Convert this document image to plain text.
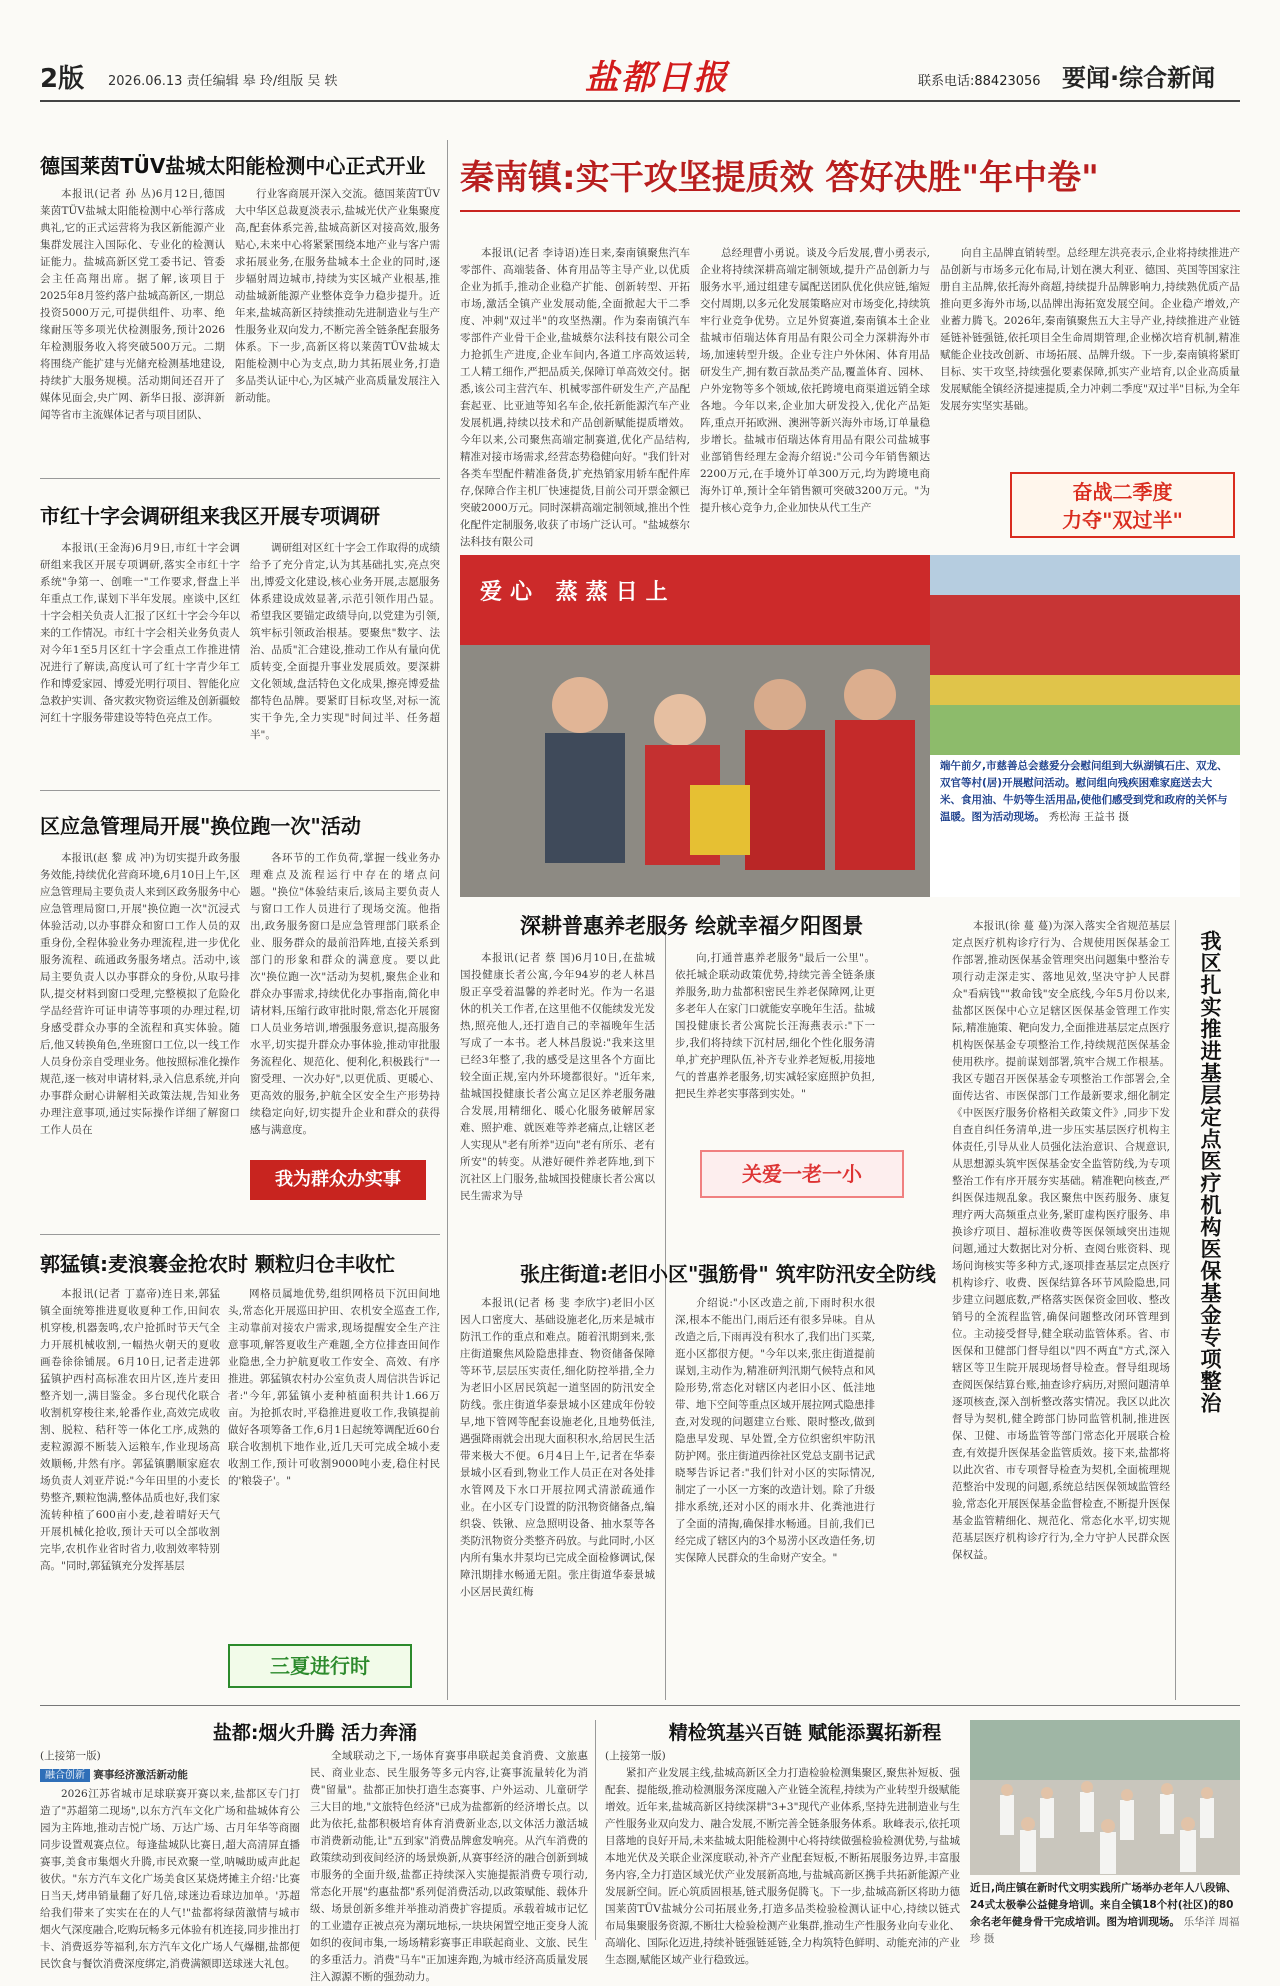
2版 2026.06.13 责任编辑 皋 玲/组版 吴 轶	盐都日报	联系电话:88423056 要闻·综合新闻
德国莱茵TÜV盐城太阳能检测中心正式开业

本报讯(记者 孙 丛)6月12日,德国莱茵TÜV盐城太阳能检测中心举行落成典礼,它的正式运营将为我区新能源产业集群发展注入国际化、专业化的检测认证能力。盐城高新区党工委书记、管委会主任高翔出席。据了解,该项目于2025年8月签约落户盐城高新区,一期总投资5000万元,可提供组件、功率、绝缘耐压等多项光伏检测服务,预计2026年检测服务收入将突破500万元。二期将围绕产能扩建与光储充检测基地建设,持续扩大服务规模。活动期间还召开了媒体见面会,央广网、新华日报、澎湃新闻等省市主流媒体记者与项目团队、

行业客商展开深入交流。德国莱茵TÜV大中华区总裁夏淡表示,盐城光伏产业集聚度高,配套体系完善,盐城高新区对接高效,服务贴心,未来中心将紧紧围绕本地产业与客户需求拓展业务,在服务盐城本土企业的同时,逐步辐射周边城市,持续为实区城产业根基,推动盐城新能源产业整体竞争力稳步提升。近年来,盐城高新区持续推动先进制造业与生产性服务业双向发力,不断完善全链条配套服务体系。下一步,高新区将以莱茵TÜV盐城太阳能检测中心为支点,助力其拓展业务,打造多品类认证中心,为区城产业高质量发展注入新动能。

市红十字会调研组来我区开展专项调研

本报讯(王金海)6月9日,市红十字会调研组来我区开展专项调研,落实全市红十字系统"争第一、创唯一"工作要求,督盘上半年重点工作,谋划下半年发展。座谈中,区红十字会相关负责人汇报了区红十字会今年以来的工作情况。市红十字会相关业务负责人对今年1至5月区红十字会重点工作推进情况进行了解读,高度认可了红十字青少年工作和博爱家园、博爱光明行项目、智能化应急救护实训、备灾救灾物资运维及创新疆蛟河红十字服务带建设等特色亮点工作。

调研组对区红十字会工作取得的成绩给予了充分肯定,认为其基础扎实,亮点突出,博爱文化建设,核心业务开展,志愿服务体系建设成效显著,示范引领作用凸显。希望我区要锚定政绩导向,以党建为引领,筑牢标引领政治根基。要聚焦"数字、法治、品质"汇合建设,推动工作从有量向优质转变,全面提升事业发展质效。要深耕文化领域,盘活特色文化成果,擦亮博爱盐都特色品牌。要紧盯目标攻坚,对标一流实干争先,全力实现"时间过半、任务超半"。

区应急管理局开展"换位跑一次"活动

本报讯(赵 黎 成 冲)为切实提升政务服务效能,持续优化营商环境,6月10日上午,区应急管理局主要负责人来到区政务服务中心应急管理局窗口,开展"换位跑一次"沉浸式体验活动,以办事群众和窗口工作人员的双重身份,全程体验业务办理流程,进一步优化服务流程、疏通政务服务堵点。活动中,该局主要负责人以办事群众的身份,从取号排队,提交材料到窗口受理,完整模拟了危险化学品经营许可证申请等事项的办理过程,切身感受群众办事的全流程和真实体验。随后,他又转换角色,坐班窗口工位,以一线工作人员身份亲自受理业务。他按照标准化操作规范,逐一核对申请材料,录入信息系统,并向办事群众耐心讲解相关政策法规,告知业务办理注意事项,通过实际操作详细了解窗口工作人员在

各环节的工作负荷,掌握一线业务办理难点及流程运行中存在的堵点问题。"换位"体验结束后,该局主要负责人与窗口工作人员进行了现场交流。他指出,政务服务窗口是应急管理部门联系企业、服务群众的最前沿阵地,直接关系到部门的形象和群众的满意度。要以此次"换位跑一次"活动为契机,聚焦企业和群众办事需求,持续优化办事指南,简化申请材料,压缩行政审批时限,常态化开展窗口人员业务培训,增强服务意识,提高服务水平,切实提升群众办事体验,推动审批服务流程化、规范化、便利化,积极践行"一窗受理、一次办好",以更优质、更暖心、更高效的服务,护航全区安全生产形势持续稳定向好,切实提升企业和群众的获得感与满意度。

我为群众办实事
郭猛镇:麦浪褰金抢农时 颗粒归仓丰收忙

本报讯(记者 丁嘉帝)连日来,郭猛镇全面统筹推进夏收夏种工作,田间农机穿梭,机器轰鸣,农户抢抓时节天气全力开展机械收割,一幅热火朝天的夏收画卷徐徐铺展。6月10日,记者走进郭猛镇护西村高标准农田片区,连片麦田整齐划一,满目鉴金。多台现代化联合收割机穿梭往来,轮番作业,高效完成收割、脱粒、秸秆等一体化工序,成熟的麦粒源源不断装入运粮车,作业现场高效顺畅,井然有序。郭猛镇鹏顺家庭农场负责人刘亚芹说:"今年田里的小麦长势整齐,颗粒饱满,整体品质也好,我们家流转种植了600亩小麦,趁着晴好天气开展机械化抢收,预计天可以全部收割完毕,农机作业省时省力,收割效率特别高。"同时,郭猛镇充分发挥基层

网格员属地优势,组织网格员下沉田间地头,常态化开展巡田护田、农机安全巡查工作,主动靠前对接农户需求,现场提醒安全生产注意事项,解答夏收生产难题,全方位排查田间作业隐患,全力护航夏收工作安全、高效、有序推进。郭猛镇农村办公室负责人周信洪告诉记者:"今年,郭猛镇小麦种植面积共计1.66万亩。为抢抓农时,平稳推进夏收工作,我镇提前做好各项筹备工作,6月1日起统筹调配近60台联合收割机下地作业,近几天可完成全城小麦收割工作,预计可收割9000吨小麦,稳住村民的'粮袋子'。"

三夏进行时
秦南镇:实干攻坚提质效 答好决胜"年中卷"

本报讯(记者 李诗语)连日来,秦南镇聚焦汽车零部件、高端装备、体育用品等主导产业,以优质企业为抓手,推动企业稳产扩能、创新转型、开拓市场,激活全镇产业发展动能,全面掀起大干二季度、冲刺"双过半"的攻坚热潮。作为秦南镇汽车零部件产业骨干企业,盐城蔡尔法科技有限公司全力抢抓生产进度,企业车间内,各道工序高效运转,工人精工细作,严把品质关,保障订单高效交付。据悉,该公司主营汽车、机械零部件研发生产,产品配套起亚、比亚迪等知名车企,依托新能源汽车产业发展机遇,持续以技术和产品创新赋能提质增效。今年以来,公司聚焦高端定制赛道,优化产品结构,精准对接市场需求,经营态势稳健向好。"我们针对各类车型配件精准备货,扩充热销家用轿车配件库存,保障合作主机厂快速提货,目前公司开票金额已突破2000万元。同时深耕高端定制领域,推出个性化配件定制服务,收获了市场广泛认可。"盐城蔡尔法科技有限公司

总经理曹小勇说。谈及今后发展,曹小勇表示,企业将持续深耕高端定制领域,提升产品创新力与服务水平,通过组建专属配送团队优化供应链,缩短交付周期,以多元化发展策略应对市场变化,持续筑牢行业竞争优势。立足外贸赛道,秦南镇本土企业盐城市佰瑞达体育用品有限公司全力深耕海外市场,加速转型升级。企业专注户外休闲、体育用品研发生产,拥有数百款品类产品,覆盖体育、园林、户外宠物等多个领域,依托跨境电商渠道远销全球各地。今年以来,企业加大研发投入,优化产品矩阵,重点开拓欧洲、澳洲等新兴海外市场,订单量稳步增长。盐城市佰瑞达体育用品有限公司盐城事业部销售经理左金海介绍说:"公司今年销售额达2200万元,在手境外订单300万元,均为跨境电商海外订单,预计全年销售额可突破3200万元。"为提升核心竞争力,企业加快从代工生产

向自主品牌直销转型。总经理左洪亮表示,企业将持续推进产品创新与市场多元化布局,计划在澳大利亚、德国、英国等国家注册自主品牌,依托海外商超,持续提升品牌影响力,持续熟优质产品推向更多海外市场,以品牌出海拓宽发展空间。企业稳产增效,产业蓄力腾飞。2026年,秦南镇聚焦五大主导产业,持续推进产业链延链补链强链,依托项目全生命周期管理,企业梯次培育机制,精准赋能企业技改创新、市场拓展、品牌升级。下一步,秦南镇将紧盯目标、实干攻坚,持续强化要素保障,抓实产业培育,以企业高质量发展赋能全镇经济提速提质,全力冲刺二季度"双过半"目标,为全年发展夯实坚实基础。

奋战二季度
力夺"双过半"
爱心 蒸蒸日上
端午前夕,市慈善总会慈爱分会慰问组到大纵湖镇石庄、双龙、双官等村(居)开展慰问活动。慰问组向残疾困难家庭送去大米、食用油、牛奶等生活用品,使他们感受到党和政府的关怀与温暖。图为活动现场。 秀松海 王益书 摄
深耕普惠养老服务 绘就幸福夕阳图景

本报讯(记者 蔡 国)6月10日,在盐城国投健康长者公寓,今年94岁的老人林昌殷正享受着温馨的养老时光。作为一名退休的机关工作者,在这里他不仅能续发光发热,照亮他人,还打造自己的幸福晚年生活写成了一本书。老人林昌殷说:"我来这里已经3年整了,我的感受是这里各个方面比较全面正规,室内外环境都很好。"近年来,盐城国投健康长者公寓立足区养老服务融合发展,用精细化、暖心化服务破解居家难、照护难、就医难等养老痛点,让辖区老人实现从"老有所养"迈向"老有所乐、老有所安"的转变。从港好硬件养老阵地,到下沉社区上门服务,盐城国投健康长者公寓以民生需求为导

向,打通普惠养老服务"最后一公里"。依托城企联动政策优势,持续完善全链条康养服务,助力盐都积密民生养老保障网,让更多老年人在家门口就能安享晚年生活。盐城国投健康长者公寓院长汪海燕表示:"下一步,我们将持续下沉村居,细化个性化服务清单,扩充护理队伍,补齐专业养老短板,用接地气的普惠养老服务,切实减轻家庭照护负担,把民生养老实事落到实处。"

关爱一老一小
张庄街道:老旧小区"强筋骨" 筑牢防汛安全防线

本报讯(记者 杨 斐 李欣宇)老旧小区因人口密度大、基础设施老化,历来是城市防汛工作的重点和难点。随着汛期到来,张庄街道聚焦风险隐患排查、物资储备保障等环节,层层压实责任,细化防控举措,全力为老旧小区居民筑起一道坚固的防汛安全防线。张庄街道华泰景城小区建成年份较早,地下管网等配套设施老化,且地势低洼,遇强降雨就会出现大面积积水,给居民生活带来极大不便。6月4日上午,记者在华泰景城小区看到,物业工作人员正在对各处排水管网及下水口开展拉网式清淤疏通作业。在小区专门设置的防汛物资储备点,编织袋、铁锹、应急照明设备、抽水泵等各类防汛物资分类整齐码放。与此同时,小区内所有集水井泵均已完成全面检修调试,保障汛期排水畅通无阻。张庄街道华泰景城小区居民黄红梅

介绍说:"小区改造之前,下雨时积水很深,根本不能出门,雨后还有很多异味。自从改造之后,下雨再没有积水了,我们出门买菜,逛小区都很方便。"今年以来,张庄街道提前谋划,主动作为,精准研判汛期气候特点和风险形势,常态化对辖区内老旧小区、低洼地带、地下空间等重点区域开展拉网式隐患排查,对发现的问题建立台账、限时整改,做到隐患早发现、早处置,全方位织密织牢防汛防护网。张庄街道西徐社区党总支副书记武晓琴告诉记者:"我们针对小区的实际情况,制定了一小区一方案的改造计划。除了升级排水系统,还对小区的雨水井、化粪池进行了全面的清掏,确保排水畅通。目前,我们已经完成了辖区内的3个易涝小区改造任务,切实保障人民群众的生命财产安全。"

本报讯(徐 蔓 蔓)为深入落实全省规范基层定点医疗机构诊疗行为、合规使用医保基金工作部署,推动医保基金管理突出问题集中整治专项行动走深走实、落地见效,坚决守护人民群众"看病钱""救命钱"安全底线,今年5月份以来,盐都区医保中心立足辖区医保基金管理工作实际,精准施策、靶向发力,全面推进基层定点医疗机构医保基金专项整治工作,持续规范医保基金使用秩序。提前谋划部署,筑牢合规工作根基。我区专题召开医保基金专项整治工作部署会,全面传达省、市医保部门工作最新要求,细化制定《中医医疗服务价格相关政策文件》,同步下发自查自纠任务清单,进一步压实基层医疗机构主体责任,引导从业人员强化法治意识、合规意识,从思想源头筑牢医保基金安全监管防线,为专项整治工作有序开展夯实基础。精准靶向核查,严纠医保违规乱象。我区聚焦中医药服务、康复理疗两大高频重点业务,紧盯虚构医疗服务、串换诊疗项目、超标准收费等医保领域突出违规问题,通过大数据比对分析、查阅台账资料、现场问询核实等多种方式,逐项排查基层定点医疗机构诊疗、收费、医保结算各环节风险隐患,同步建立问题底数,严格落实医保资金回收、整改销号的全流程监管,确保问题整改闭环管理到位。主动接受督导,健全联动监管体系。省、市医保和卫健部门督导组以"四不两直"方式,深入辖区等卫生院开展现场督导检查。督导组现场查阅医保结算台账,抽查诊疗病历,对照问题清单逐项核查,深入剖析整改落实情况。我区以此次督导为契机,健全跨部门协同监管机制,推进医保、卫健、市场监管等部门常态化开展联合检查,有效提升医保基金监管质效。接下来,盐都将以此次省、市专项督导检查为契机,全面梳理规范整治中发现的问题,系统总结医保领域监管经验,常态化开展医保基金监督检查,不断提升医保基金监管精细化、规范化、常态化水平,切实规范基层医疗机构诊疗行为,全力守护人民群众医保权益。

我区扎实推进基层定点医疗机构医保基金专项整治
盐都:烟火升腾 活力奔涌
(上接第一版)
融合创新 赛事经济激活新动能

2026江苏省城市足球联赛开赛以来,盐都区专门打造了"苏超第二现场",以东方汽车文化广场和盐城体育公园为主阵地,推动吉悦广场、万达广场、古月年华等商圈同步设置观赛点位。每逢盐城队比赛日,超大高清屏直播赛事,美食市集烟火升腾,市民欢聚一堂,呐喊助威声此起彼伏。"东方汽车文化广场美食区某烧烤摊主介绍:'比赛日当天,烤串销量翻了好几倍,球迷边看球边加单。'苏超给我们带来了实实在在的人气!"盐都将绿茵激情与城市烟火气深度融合,吃购玩畅多元体验有机连接,同步推出打卡、消费返券等福利,东方汽车文化广场人气爆棚,盐都便民饮食与餐饮消费深度绑定,消费满额即送球迷大礼包。

全域联动之下,一场体育赛事串联起美食消费、文旅惠民、商业业态、民生服务等多元内容,让赛事流量转化为消费"留量"。盐都正加快打造生态赛事、户外运动、儿童研学三大目的地,"文旅特色经济"已成为盐都新的经济增长点。以此为依托,盐都积极培育体育消费新业态,以文体活力激活城市消费新动能,让"五到家"消费品牌愈发响亮。从汽车消费的政策续动到夜间经济的场景焕新,从赛事经济的融合创新到城市服务的全面升级,盐都正持续深入实施提振消费专项行动,常态化开展"约惠盐都"系列促消费活动,以政策赋能、载体升级、场景创新多维并举推动消费扩容提质。承载着城市记忆的工业遗存正被点亮为潮玩地标,一块块闲置空地正变身人流如织的夜间市集,一场场精彩赛事正串联起商业、文旅、民生的多重活力。消费"马车"正加速奔跑,为城市经济高质量发展注入源源不断的强劲动力。

精检筑基兴百链 赋能添翼拓新程
(上接第一版)

紧扣产业发展主线,盐城高新区全力打造检验检测集聚区,聚焦补短板、强配套、提能级,推动检测服务深度融入产业链全流程,持续为产业转型升级赋能增效。近年来,盐城高新区持续深耕"3+3"现代产业体系,坚持先进制造业与生产性服务业双向发力、融合发展,不断完善全链条服务体系。耿峰表示,依托项目落地的良好开局,未来盐城太阳能检测中心将持续做强检验检测优势,与盐城本地光伏及关联企业深度联动,补齐产业配套短板,不断拓展服务边界,丰富服务内容,全力打造区域光伏产业发展新高地,与盐城高新区携手共拓新能源产业发展新空间。匠心筑质固根基,链式服务促腾飞。下一步,盐城高新区将助力德国莱茵TÜV盐城分公司拓展业务,打造多品类检验检测认证中心,持续以链式布局集聚服务资源,不断壮大检验检测产业集群,推动生产性服务业向专业化、高端化、国际化迈进,持续补链强链延链,全力构筑特色鲜明、动能充沛的产业生态圈,赋能区域产业行稳致远。

近日,尚庄镇在新时代文明实践所广场举办老年人八段锦、24式太极拳公益健身培训。来自全镇18个村(社区)的80余名老年健身骨干完成培训。图为培训现场。 乐华洋 周福珍 摄
